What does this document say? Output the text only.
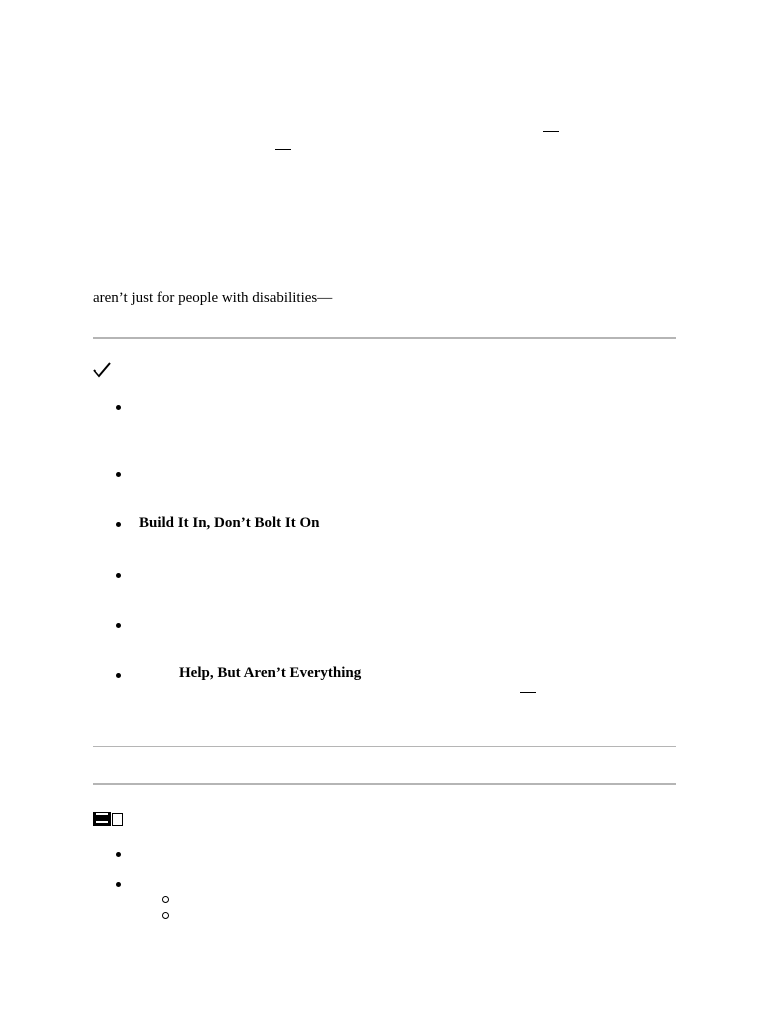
aren’t just for people with disabilities—
Build It In, Don’t Bolt It On
Help, But Aren’t Everything
